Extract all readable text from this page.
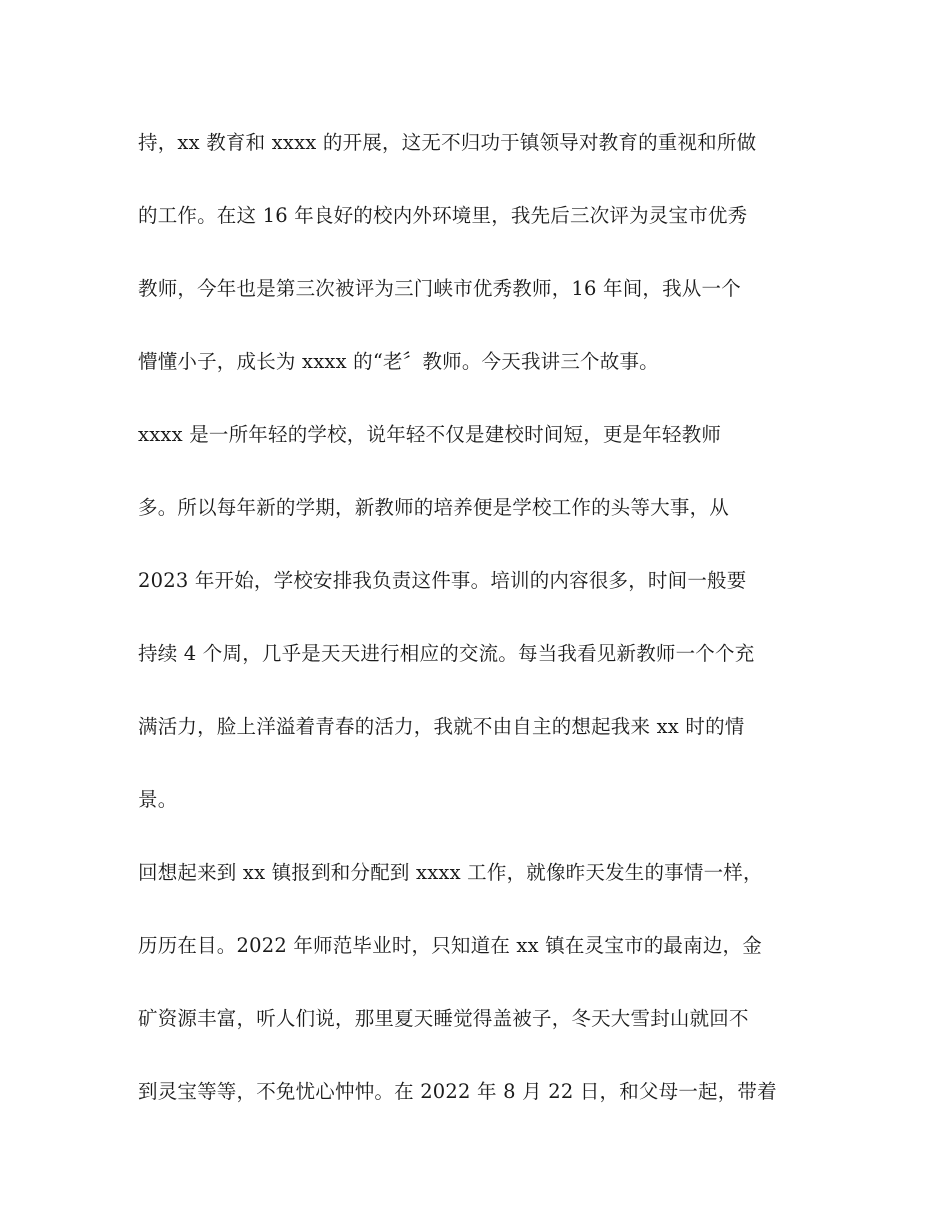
持，xx 教育和 xxxx 的开展，这无不归功于镇领导对教育的重视和所做
的工作。在这 16 年良好的校内外环境里，我先后三次评为灵宝市优秀
教师，今年也是第三次被评为三门峡市优秀教师，16 年间，我从一个
懵懂小子，成长为 xxxx 的“老〞教师。今天我讲三个故事。
xxxx 是一所年轻的学校，说年轻不仅是建校时间短，更是年轻教师
多。所以每年新的学期，新教师的培养便是学校工作的头等大事，从
2023 年开始，学校安排我负责这件事。培训的内容很多，时间一般要
持续 4 个周，几乎是天天进行相应的交流。每当我看见新教师一个个充
满活力，脸上洋溢着青春的活力，我就不由自主的想起我来 xx 时的情
景。
回想起来到 xx 镇报到和分配到 xxxx 工作，就像昨天发生的事情一样，
历历在目。2022 年师范毕业时，只知道在 xx 镇在灵宝市的最南边，金
矿资源丰富，听人们说，那里夏天睡觉得盖被子，冬天大雪封山就回不
到灵宝等等，不免忧心忡忡。在 2022 年 8 月 22 日，和父母一起，带着
